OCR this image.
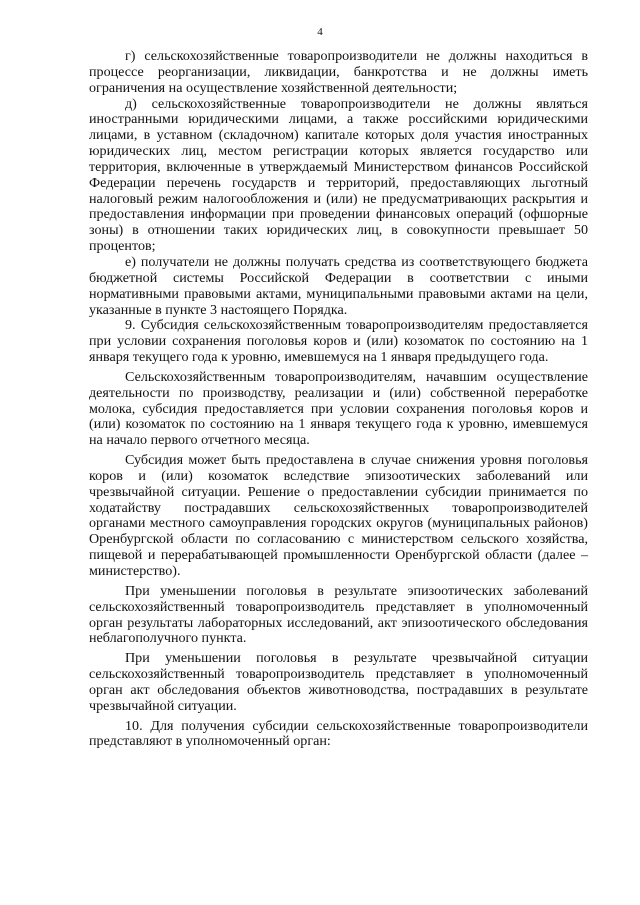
4

г) сельскохозяйственные товаропроизводители не должны находиться в процессе реорганизации, ликвидации, банкротства и не должны иметь ограничения на осуществление хозяйственной деятельности;

д) сельскохозяйственные товаропроизводители не должны являться иностранными юридическими лицами, а также российскими юридическими лицами, в уставном (складочном) капитале которых доля участия иностранных юридических лиц, местом регистрации которых является государство или территория, включенные в утверждаемый Министерством финансов Российской Федерации перечень государств и территорий, предоставляющих льготный налоговый режим налогообложения и (или) не предусматривающих раскрытия и предоставления информации при проведении финансовых операций (офшорные зоны) в отношении таких юридических лиц, в совокупности превышает 50 процентов;

е) получатели не должны получать средства из соответствующего бюджета бюджетной системы Российской Федерации в соответствии с иными нормативными правовыми актами, муниципальными правовыми актами на цели, указанные в пункте 3 настоящего Порядка.

9. Субсидия сельскохозяйственным товаропроизводителям предоставляется при условии сохранения поголовья коров и (или) козоматок по состоянию на 1 января текущего года к уровню, имевшемуся на 1 января предыдущего года.

Сельскохозяйственным товаропроизводителям, начавшим осуществление деятельности по производству, реализации и (или) собственной переработке молока, субсидия предоставляется при условии сохранения поголовья коров и (или) козоматок по состоянию на 1 января текущего года к уровню, имевшемуся на начало первого отчетного месяца.

Субсидия может быть предоставлена в случае снижения уровня поголовья коров и (или) козоматок вследствие эпизоотических заболеваний или чрезвычайной ситуации. Решение о предоставлении субсидии принимается по ходатайству пострадавших сельскохозяйственных товаропроизводителей органами местного самоуправления городских округов (муниципальных районов) Оренбургской области по согласованию с министерством сельского хозяйства, пищевой и перерабатывающей промышленности Оренбургской области (далее – министерство).

При уменьшении поголовья в результате эпизоотических заболеваний сельскохозяйственный товаропроизводитель представляет в уполномоченный орган результаты лабораторных исследований, акт эпизоотического обследования неблагополучного пункта.

При уменьшении поголовья в результате чрезвычайной ситуации сельскохозяйственный товаропроизводитель представляет в уполномоченный орган акт обследования объектов животноводства, пострадавших в результате чрезвычайной ситуации.

10. Для получения субсидии сельскохозяйственные товаропроизводители представляют в уполномоченный орган:
